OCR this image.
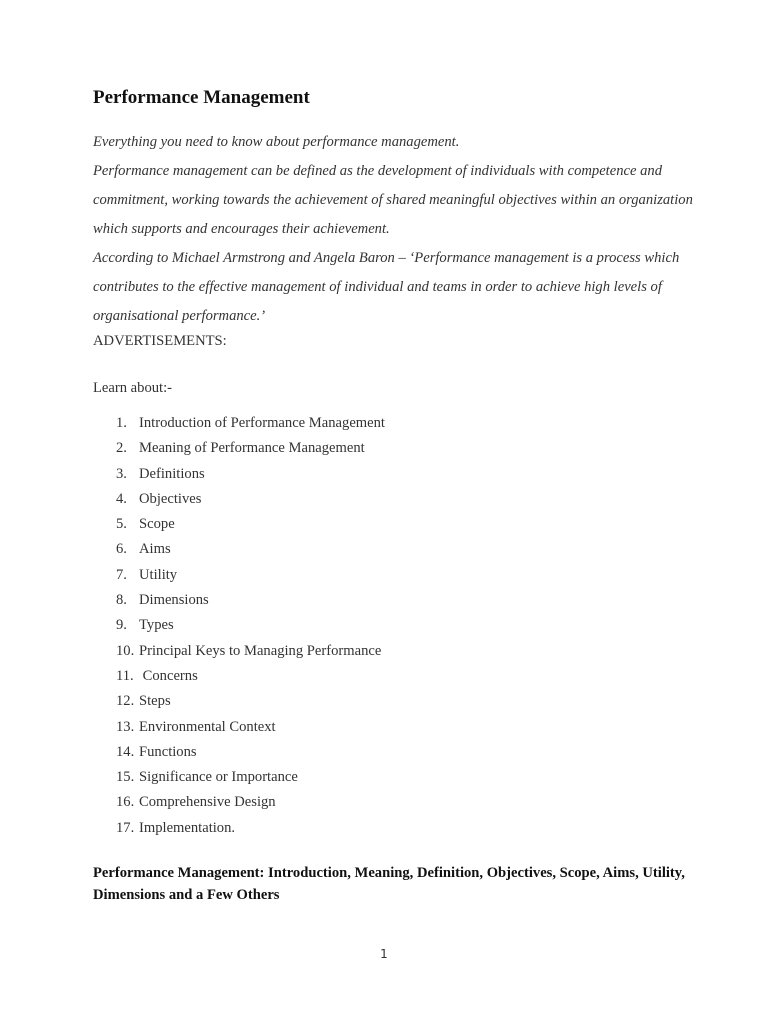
Performance Management

Everything you need to know about performance management.

Performance management can be defined as the development of individuals with competence and commitment, working towards the achievement of shared meaningful objectives within an organization which supports and encourages their achievement.

According to Michael Armstrong and Angela Baron – ‘Performance management is a process which contributes to the effective management of individual and teams in order to achieve high levels of organisational performance.’

ADVERTISEMENTS:
Learn about:-
1. Introduction of Performance Management
2. Meaning of Performance Management
3. Definitions
4. Objectives
5. Scope
6. Aims
7. Utility
8. Dimensions
9. Types
10. Principal Keys to Managing Performance
11. Concerns
12. Steps
13. Environmental Context
14. Functions
15. Significance or Importance
16. Comprehensive Design
17. Implementation.
Performance Management: Introduction, Meaning, Definition, Objectives, Scope, Aims, Utility, Dimensions and a Few Others
1
